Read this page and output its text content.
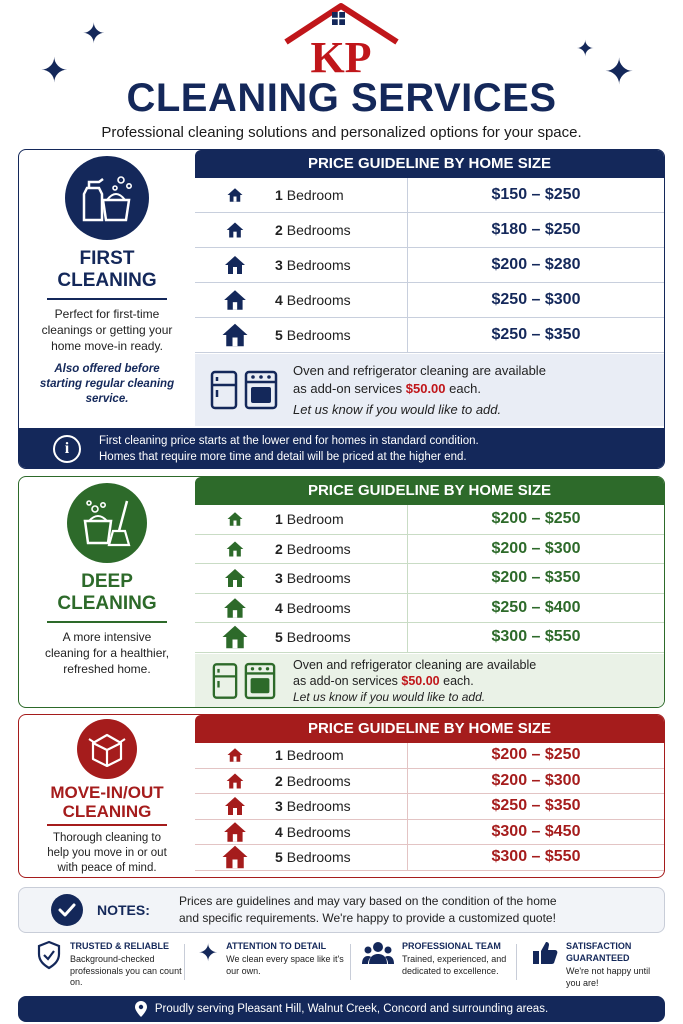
✦
✦
✦
✦
KP
CLEANING SERVICES
Professional cleaning solutions and personalized options for your space.
FIRST
CLEANING
Perfect for first-time cleanings or getting your home move-in ready.
Also offered before starting regular cleaning service.
PRICE GUIDELINE BY HOME SIZE
1 Bedroom	$150 – $250
2 Bedrooms	$180 – $250
3 Bedrooms	$200 – $280
4 Bedrooms	$250 – $300
5 Bedrooms	$250 – $350
Oven and refrigerator cleaning are available
as add-on services $50.00 each.
Let us know if you would like to add.
i	First cleaning price starts at the lower end for homes in standard condition.
Homes that require more time and detail will be priced at the higher end.
DEEP
CLEANING
A more intensive cleaning for a healthier, refreshed home.
PRICE GUIDELINE BY HOME SIZE
1 Bedroom	$200 – $250
2 Bedrooms	$200 – $300
3 Bedrooms	$200 – $350
4 Bedrooms	$250 – $400
5 Bedrooms	$300 – $550
Oven and refrigerator cleaning are available
as add-on services $50.00 each.
Let us know if you would like to add.
MOVE-IN/OUT
CLEANING
Thorough cleaning to help you move in or out with peace of mind.
PRICE GUIDELINE BY HOME SIZE
1 Bedroom	$200 – $250
2 Bedrooms	$200 – $300
3 Bedrooms	$250 – $350
4 Bedrooms	$300 – $450
5 Bedrooms	$300 – $550
NOTES:
Prices are guidelines and may vary based on the condition of the home
and specific requirements. We're happy to provide a customized quote!
TRUSTED & RELIABLE
Background-checked professionals you can count on.
✦ ATTENTION TO DETAIL
We clean every space like it's our own.
PROFESSIONAL TEAM
Trained, experienced, and dedicated to excellence.
SATISFACTION GUARANTEED
We're not happy until you are!
Proudly serving Pleasant Hill, Walnut Creek, Concord and surrounding areas.
